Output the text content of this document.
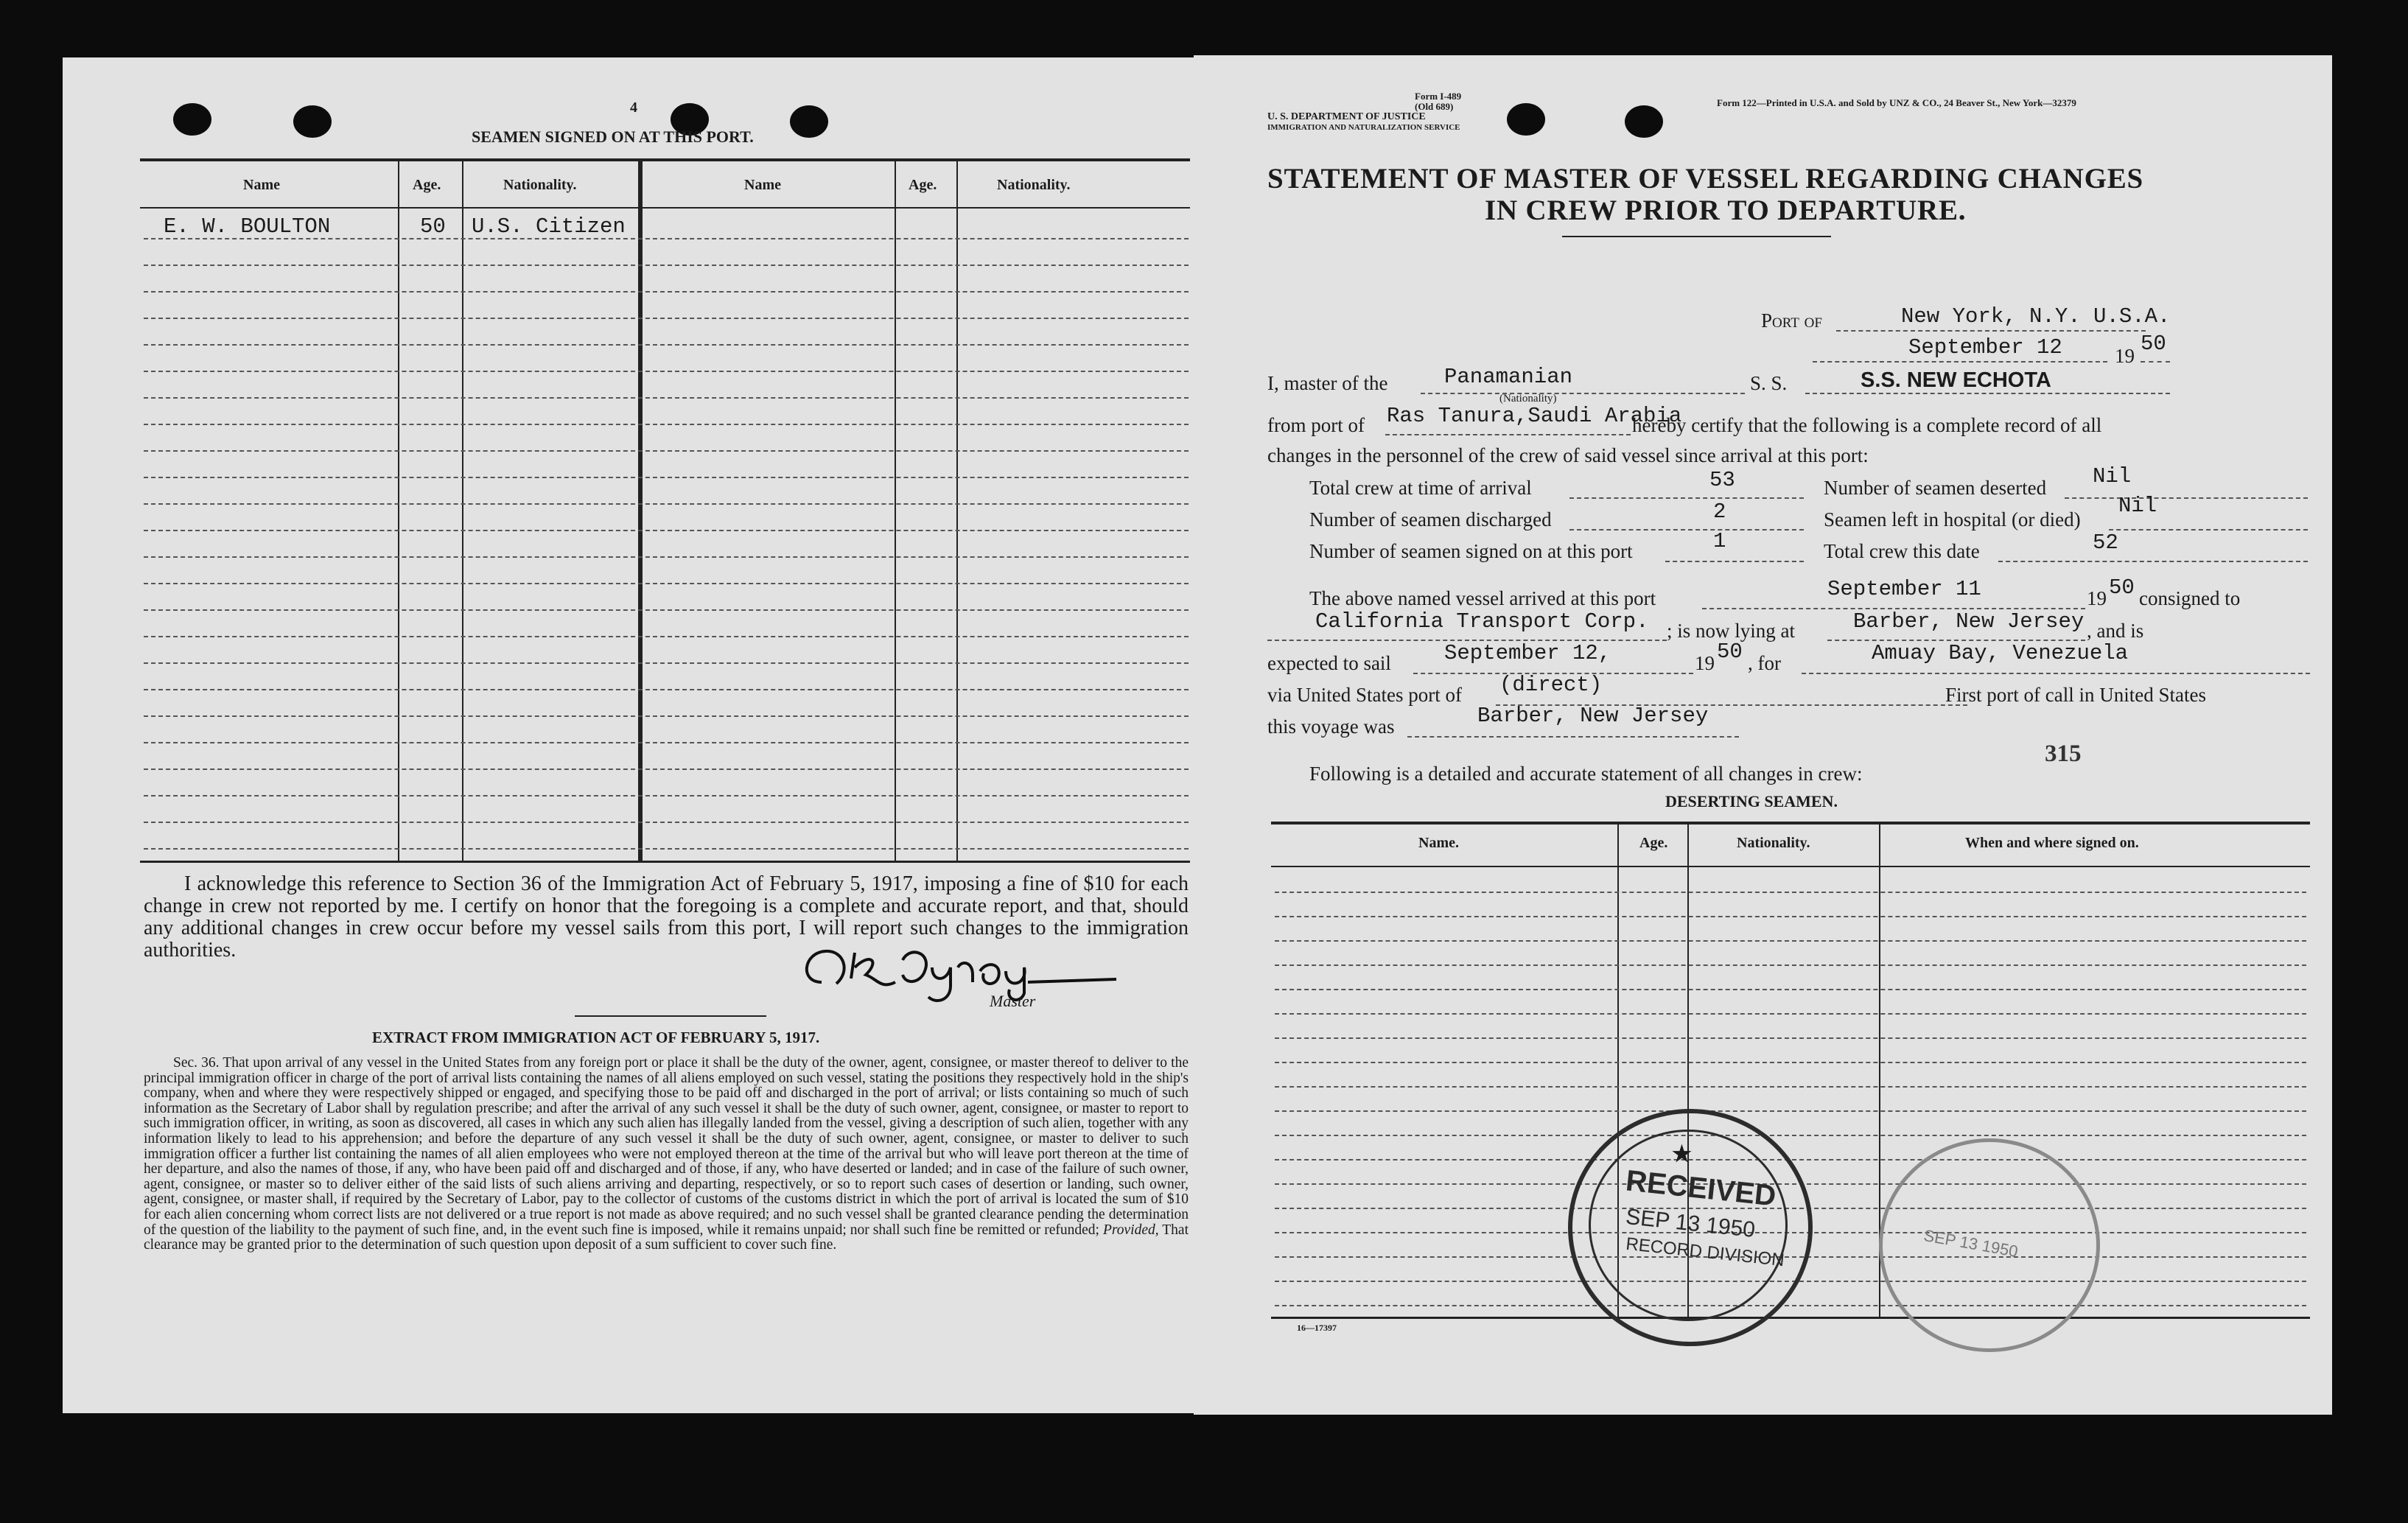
4
SEAMEN SIGNED ON AT THIS PORT.
Name	Age.	Nationality.	Name	Age.	Nationality.
E. W. BOULTON	50 U.S. Citizen
I acknowledge this reference to Section 36 of the Immigration Act of February 5, 1917, imposing a fine of $10 for each change in crew not reported by me. I certify on honor that the foregoing is a complete and accurate report, and that, should any additional changes in crew occur before my vessel sails from this port, I will report such changes to the immigration authorities.
Master
EXTRACT FROM IMMIGRATION ACT OF FEBRUARY 5, 1917.
Sec. 36. That upon arrival of any vessel in the United States from any foreign port or place it shall be the duty of the owner, agent, consignee, or master thereof to deliver to the principal immigration officer in charge of the port of arrival lists containing the names of all aliens employed on such vessel, stating the positions they respectively hold in the ship's company, when and where they were respectively shipped or engaged, and specifying those to be paid off and discharged in the port of arrival; or lists containing so much of such information as the Secretary of Labor shall by regulation prescribe; and after the arrival of any such vessel it shall be the duty of such owner, agent, consignee, or master to report to such immigration officer, in writing, as soon as discovered, all cases in which any such alien has illegally landed from the vessel, giving a description of such alien, together with any information likely to lead to his apprehension; and before the departure of any such vessel it shall be the duty of such owner, agent, consignee, or master to deliver to such immigration officer a further list containing the names of all alien employees who were not employed thereon at the time of the arrival but who will leave port thereon at the time of her departure, and also the names of those, if any, who have been paid off and discharged and of those, if any, who have deserted or landed; and in case of the failure of such owner, agent, consignee, or master so to deliver either of the said lists of such aliens arriving and departing, respectively, or so to report such cases of desertion or landing, such owner, agent, consignee, or master shall, if required by the Secretary of Labor, pay to the collector of customs of the customs district in which the port of arrival is located the sum of $10 for each alien concerning whom correct lists are not delivered or a true report is not made as above required; and no such vessel shall be granted clearance pending the determination of the question of the liability to the payment of such fine, and, in the event such fine is imposed, while it remains unpaid; nor shall such fine be remitted or refunded; Provided, That clearance may be granted prior to the determination of such question upon deposit of a sum sufficient to cover such fine.
Form I-489
(Old 689)
U. S. DEPARTMENT OF JUSTICE
IMMIGRATION AND NATURALIZATION SERVICE
Form 122—Printed in U.S.A. and Sold by UNZ & CO., 24 Beaver St., New York—32379
STATEMENT OF MASTER OF VESSEL REGARDING CHANGES
IN CREW PRIOR TO DEPARTURE.
Port of	New York, N.Y. U.S.A.
September 12	19 50
I, master of the	Panamanian
(Nationality)
S. S.	S.S. NEW ECHOTA
from port of Ras Tanura,Saudi Arabia
hereby certify that the following is a complete record of all
changes in the personnel of the crew of said vessel since arrival at this port:
Total crew at time of arrival	53
Number of seamen discharged	2
Number of seamen signed on at this port	1
Number of seamen deserted Nil
Seamen left in hospital (or died)
Nil
Total crew this date	52
The above named vessel arrived at this port	September 11	19 50 consigned to
California Transport Corp. ; is now lying at	Barber, New Jersey , and is
expected to sail September 12,	19 50 , for	Amuay Bay, Venezuela
via United States port of (direct)	First port of call in United States
this voyage was	Barber, New Jersey
315
Following is a detailed and accurate statement of all changes in crew:
DESERTING SEAMEN.
Name.	Age.	Nationality.	When and where signed on.
16—17397
★
RECEIVED
SEP 13 1950
RECORD DIVISION	SEP 13 1950
